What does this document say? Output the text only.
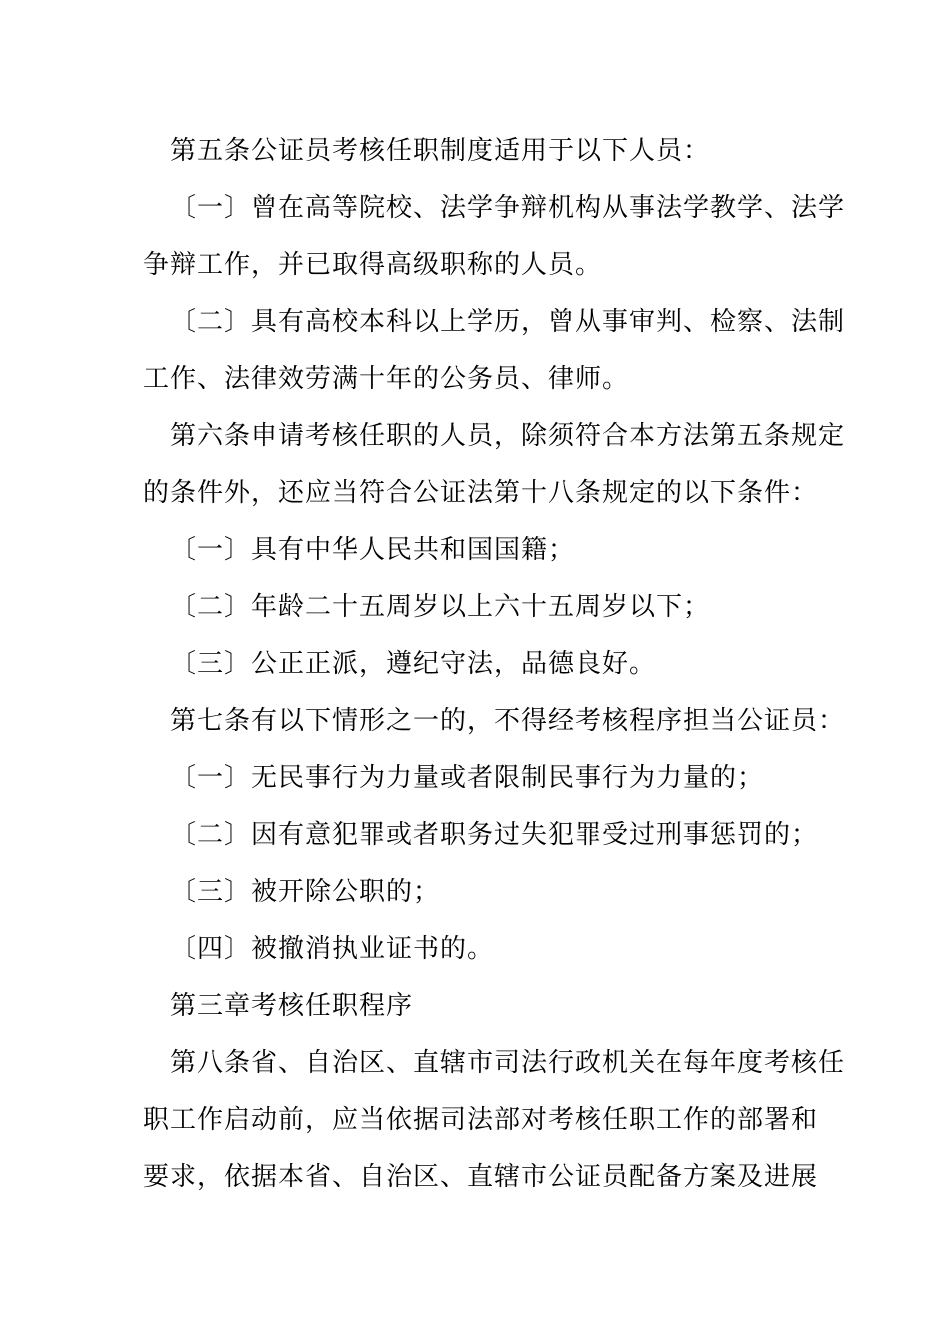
第五条公证员考核任职制度适用于以下人员：
〔一〕曾在高等院校、法学争辩机构从事法学教学、法学
争辩工作，并已取得高级职称的人员。
〔二〕具有高校本科以上学历，曾从事审判、检察、法制
工作、法律效劳满十年的公务员、律师。
第六条申请考核任职的人员，除须符合本方法第五条规定
的条件外，还应当符合公证法第十八条规定的以下条件：
〔一〕具有中华人民共和国国籍；
〔二〕年龄二十五周岁以上六十五周岁以下；
〔三〕公正正派，遵纪守法，品德良好。
第七条有以下情形之一的，不得经考核程序担当公证员：
〔一〕无民事行为力量或者限制民事行为力量的；
〔二〕因有意犯罪或者职务过失犯罪受过刑事惩罚的；
〔三〕被开除公职的；
〔四〕被撤消执业证书的。
第三章考核任职程序
第八条省、自治区、直辖市司法行政机关在每年度考核任
职工作启动前，应当依据司法部对考核任职工作的部署和
要求，依据本省、自治区、直辖市公证员配备方案及进展
